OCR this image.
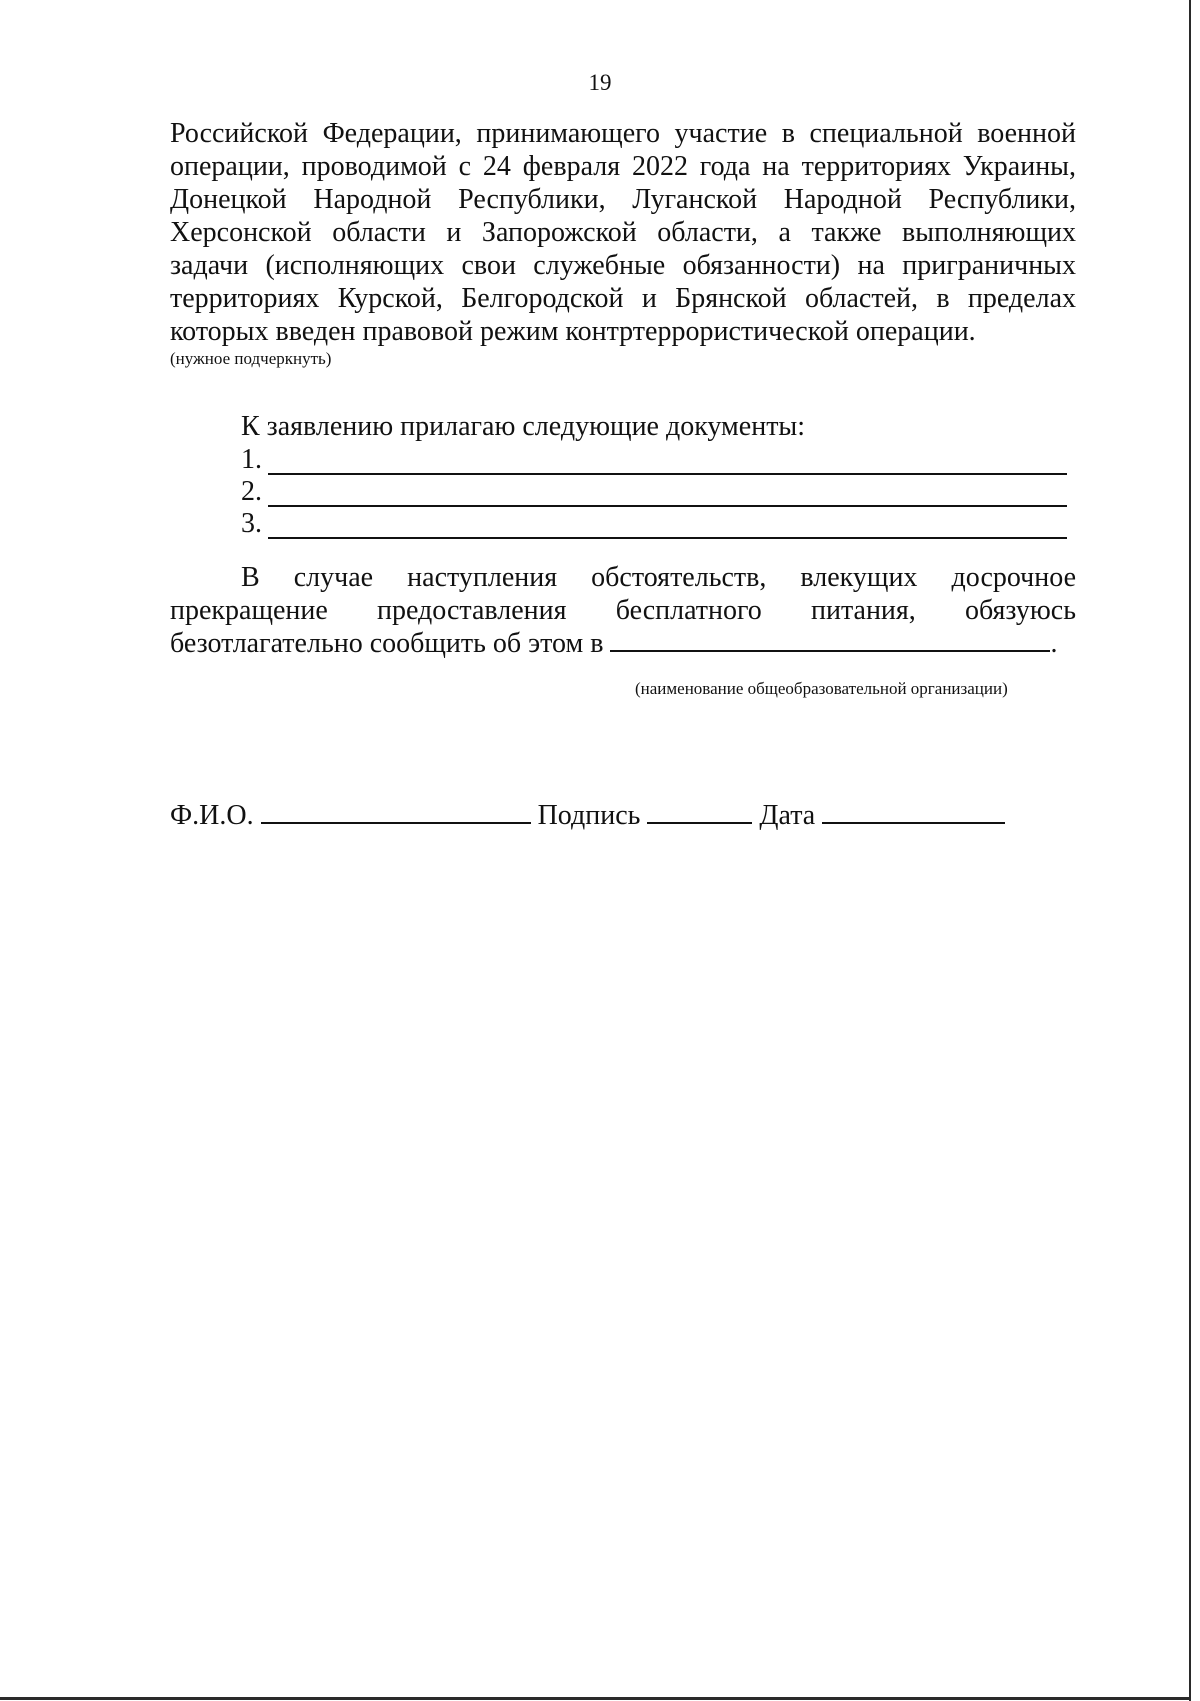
19
Российской Федерации, принимающего участие в специальной военной
операции, проводимой с 24 февраля 2022 года на территориях Украины,
Донецкой Народной Республики, Луганской Народной Республики,
Херсонской области и Запорожской области, а также выполняющих
задачи (исполняющих свои служебные обязанности) на приграничных
территориях Курской, Белгородской и Брянской областей, в пределах
которых введен правовой режим контртеррористической операции.
(нужное подчеркнуть)
К заявлению прилагаю следующие документы:
1.
2.
3.
В случае наступления обстоятельств, влекущих досрочное
прекращение предоставления бесплатного питания, обязуюсь
безотлагательно сообщить об этом в	.
(наименование общеобразовательной организации)
Ф.И.О.	Подпись	Дата
